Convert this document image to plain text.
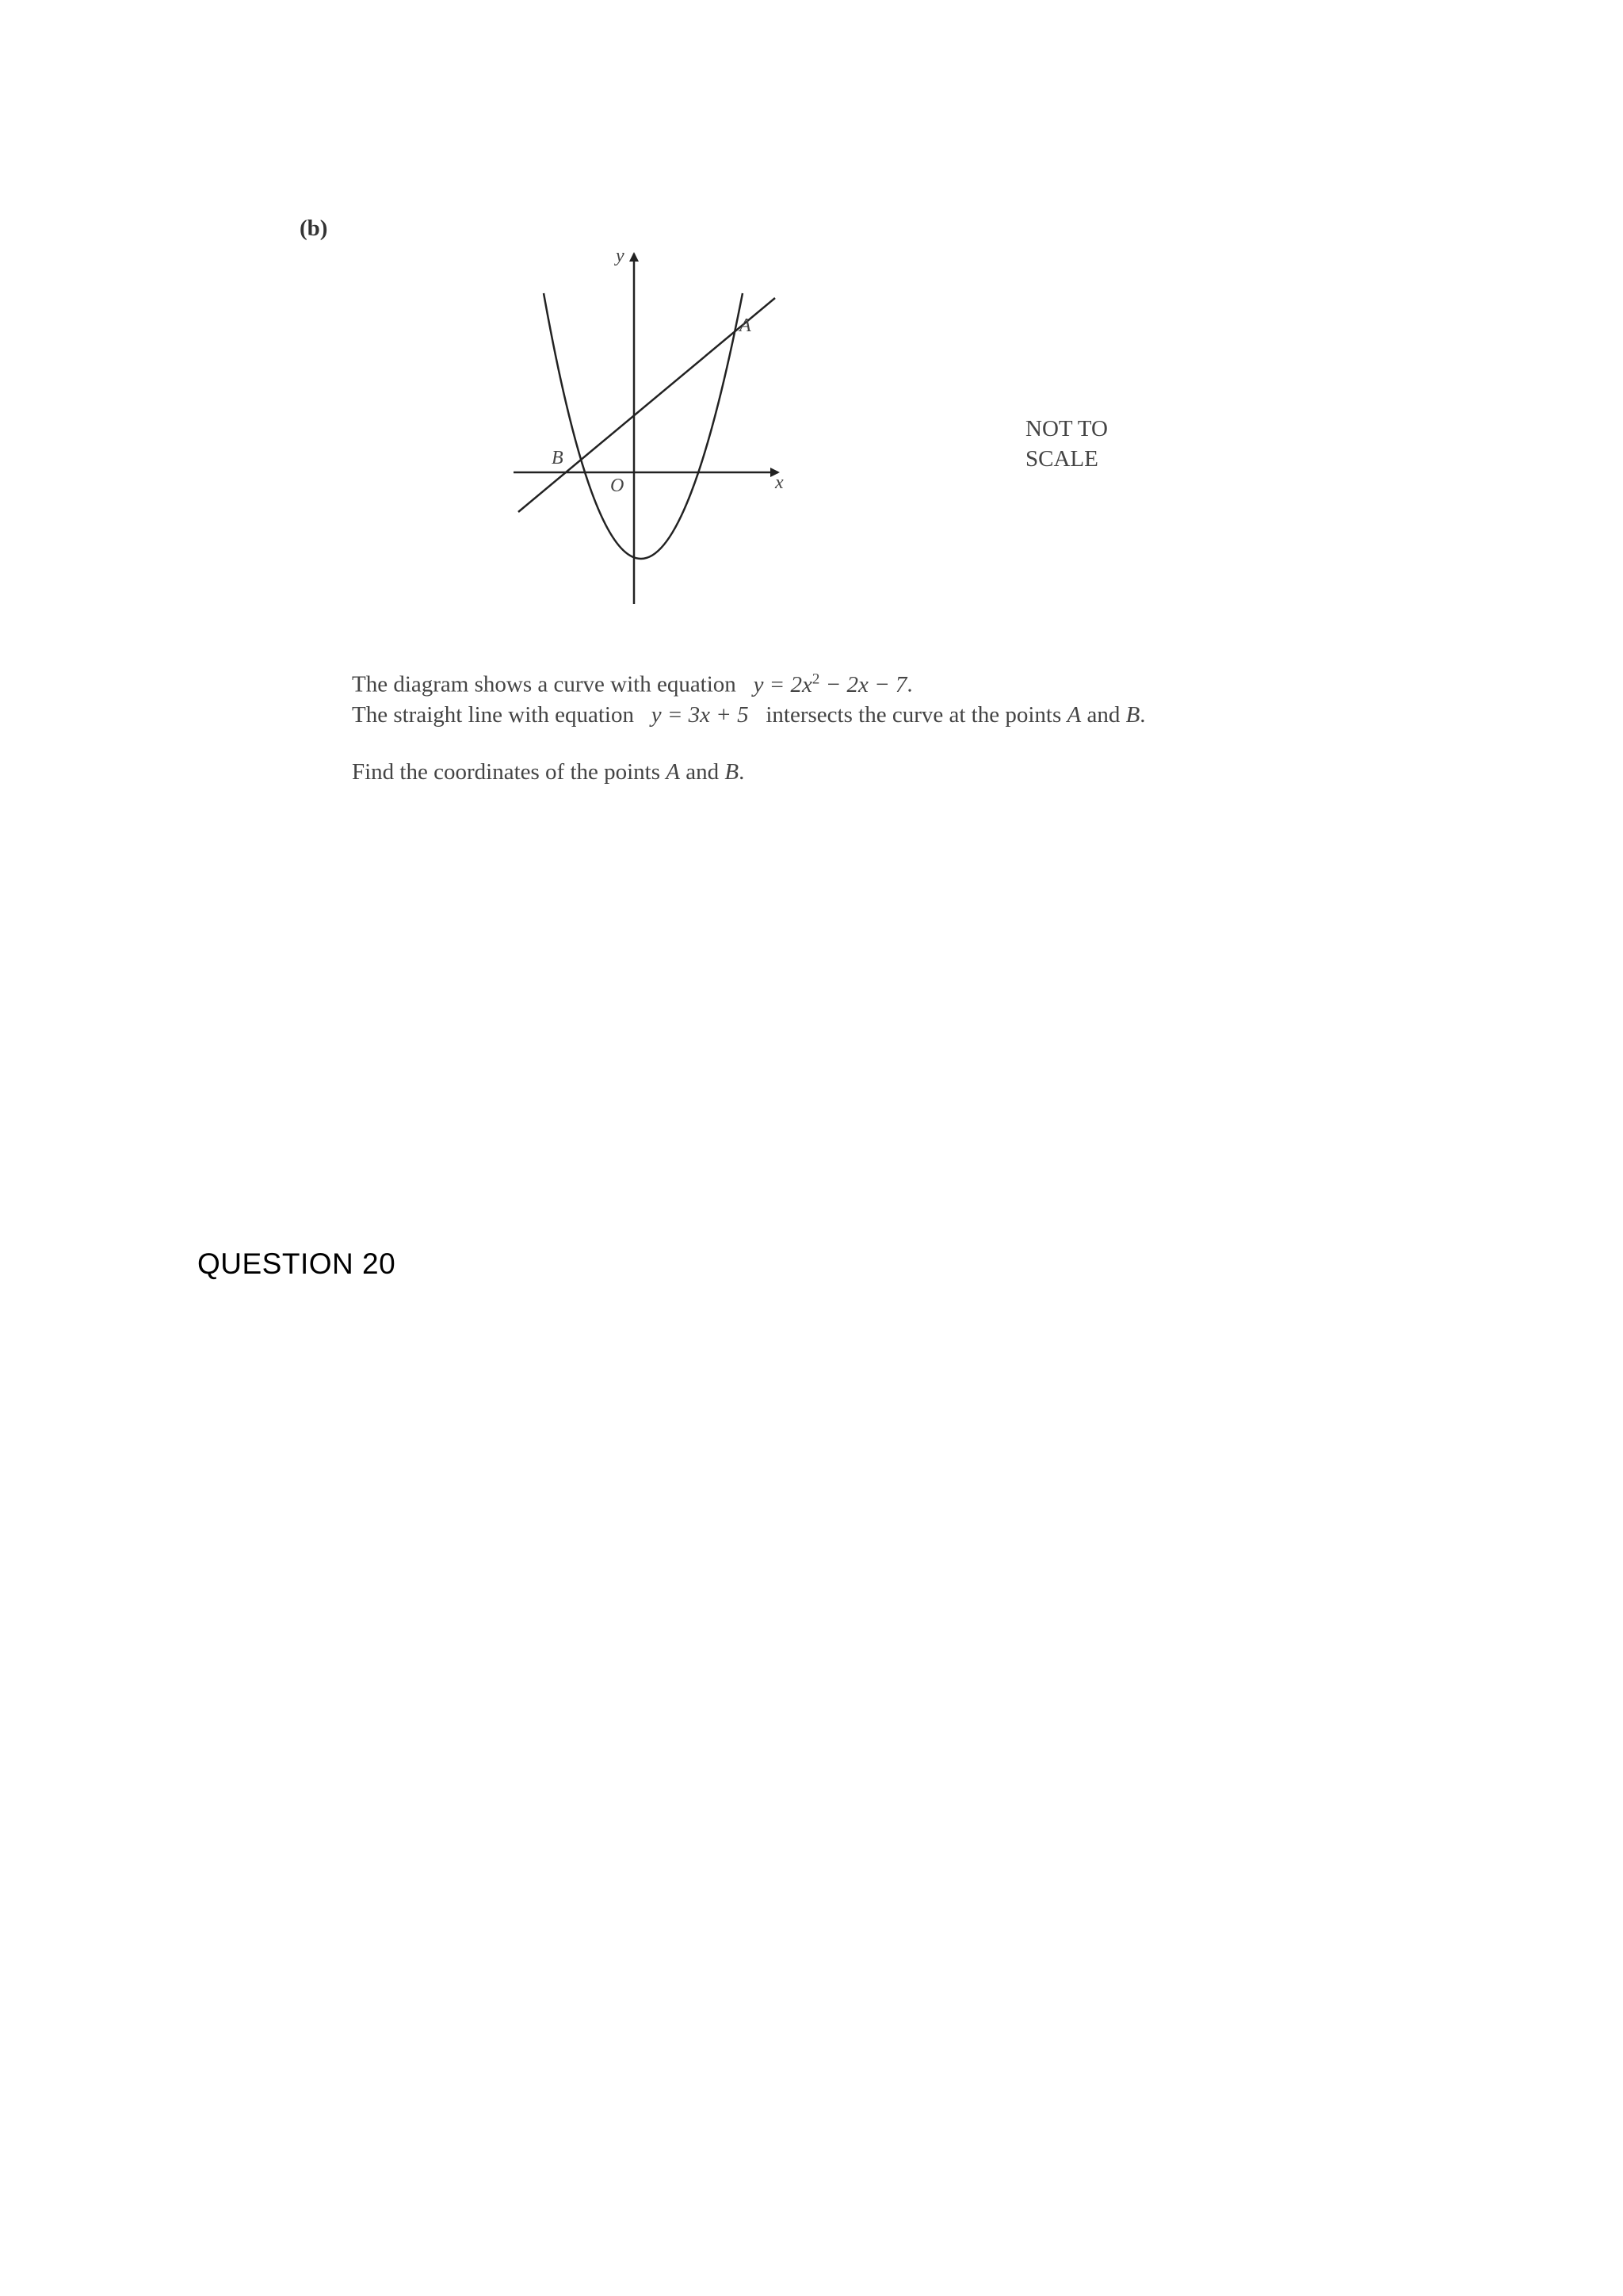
(b)
y
x
O
A
B
NOT TO
SCALE
The diagram shows a curve with equation $y = 2x^2 - 2x - 7$.
The straight line with equation y = 3x + 5 intersects the curve at the points A and B.
Find the coordinates of the points A and B.
QUESTION 20
